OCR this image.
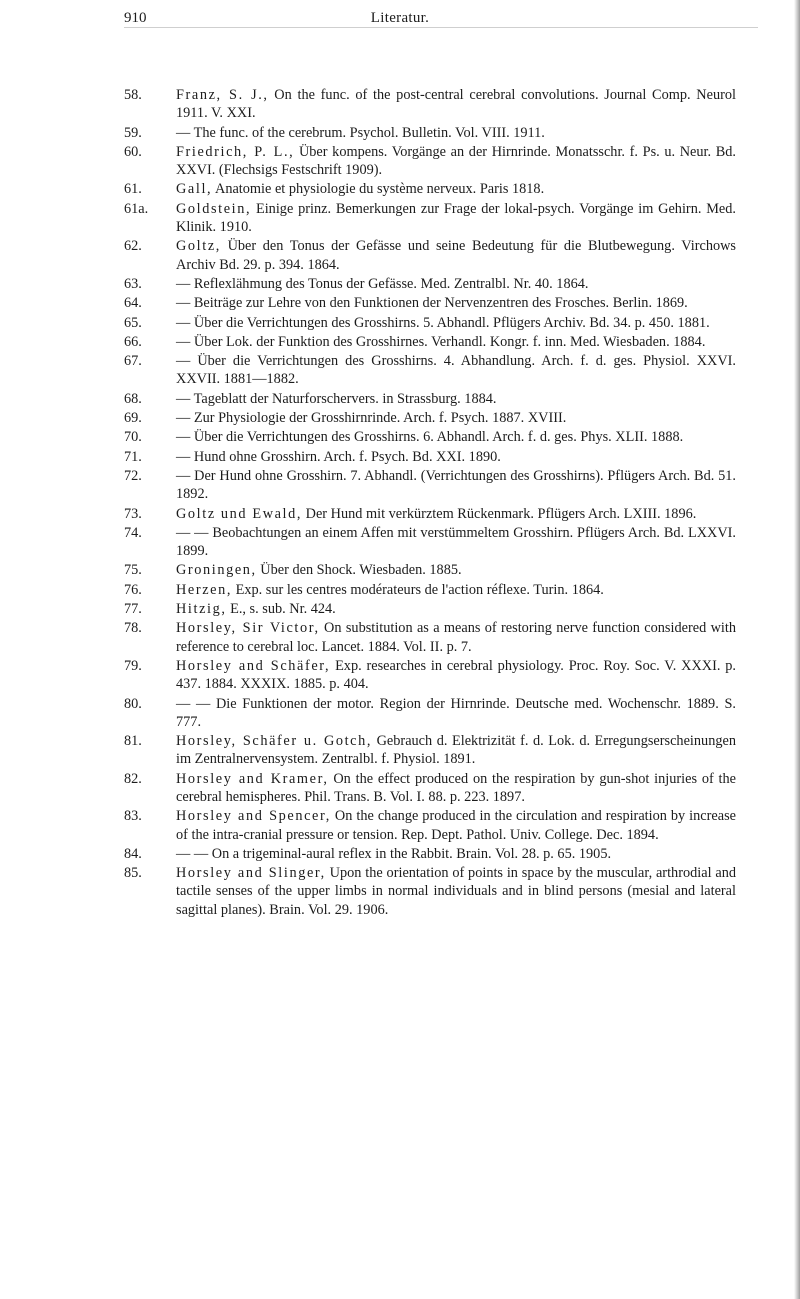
910	Literatur.
58. Franz, S. J., On the func. of the post-central cerebral convolutions. Journal Comp. Neurol 1911. V. XXI.
59. — The func. of the cerebrum. Psychol. Bulletin. Vol. VIII. 1911.
60. Friedrich, P. L., Über kompens. Vorgänge an der Hirnrinde. Monatsschr. f. Ps. u. Neur. Bd. XXVI. (Flechsigs Festschrift 1909).
61. Gall, Anatomie et physiologie du système nerveux. Paris 1818.
61a. Goldstein, Einige prinz. Bemerkungen zur Frage der lokal-psych. Vorgänge im Gehirn. Med. Klinik. 1910.
62. Goltz, Über den Tonus der Gefässe und seine Bedeutung für die Blutbewegung. Virchows Archiv Bd. 29. p. 394. 1864.
63. — Reflexlähmung des Tonus der Gefässe. Med. Zentralbl. Nr. 40. 1864.
64. — Beiträge zur Lehre von den Funktionen der Nervenzentren des Frosches. Berlin. 1869.
65. — Über die Verrichtungen des Grosshirns. 5. Abhandl. Pflügers Archiv. Bd. 34. p. 450. 1881.
66. — Über Lok. der Funktion des Grosshirnes. Verhandl. Kongr. f. inn. Med. Wiesbaden. 1884.
67. — Über die Verrichtungen des Grosshirns. 4. Abhandlung. Arch. f. d. ges. Physiol. XXVI. XXVII. 1881—1882.
68. — Tageblatt der Naturforschervers. in Strassburg. 1884.
69. — Zur Physiologie der Grosshirnrinde. Arch. f. Psych. 1887. XVIII.
70. — Über die Verrichtungen des Grosshirns. 6. Abhandl. Arch. f. d. ges. Phys. XLII. 1888.
71. — Hund ohne Grosshirn. Arch. f. Psych. Bd. XXI. 1890.
72. — Der Hund ohne Grosshirn. 7. Abhandl. (Verrichtungen des Grosshirns). Pflügers Arch. Bd. 51. 1892.
73. Goltz und Ewald, Der Hund mit verkürztem Rückenmark. Pflügers Arch. LXIII. 1896.
74. — — Beobachtungen an einem Affen mit verstümmeltem Grosshirn. Pflügers Arch. Bd. LXXVI. 1899.
75. Groningen, Über den Shock. Wiesbaden. 1885.
76. Herzen, Exp. sur les centres modérateurs de l'action réflexe. Turin. 1864.
77. Hitzig, E., s. sub. Nr. 424.
78. Horsley, Sir Victor, On substitution as a means of restoring nerve function considered with reference to cerebral loc. Lancet. 1884. Vol. II. p. 7.
79. Horsley and Schäfer, Exp. researches in cerebral physiology. Proc. Roy. Soc. V. XXXI. p. 437. 1884. XXXIX. 1885. p. 404.
80. — — Die Funktionen der motor. Region der Hirnrinde. Deutsche med. Wochenschr. 1889. S. 777.
81. Horsley, Schäfer u. Gotch, Gebrauch d. Elektrizität f. d. Lok. d. Erregungserscheinungen im Zentralnervensystem. Zentralbl. f. Physiol. 1891.
82. Horsley and Kramer, On the effect produced on the respiration by gun-shot injuries of the cerebral hemispheres. Phil. Trans. B. Vol. I. 88. p. 223. 1897.
83. Horsley and Spencer, On the change produced in the circulation and respiration by increase of the intra-cranial pressure or tension. Rep. Dept. Pathol. Univ. College. Dec. 1894.
84. — — On a trigeminal-aural reflex in the Rabbit. Brain. Vol. 28. p. 65. 1905.
85. Horsley and Slinger, Upon the orientation of points in space by the muscular, arthrodial and tactile senses of the upper limbs in normal individuals and in blind persons (mesial and lateral sagittal planes). Brain. Vol. 29. 1906.
